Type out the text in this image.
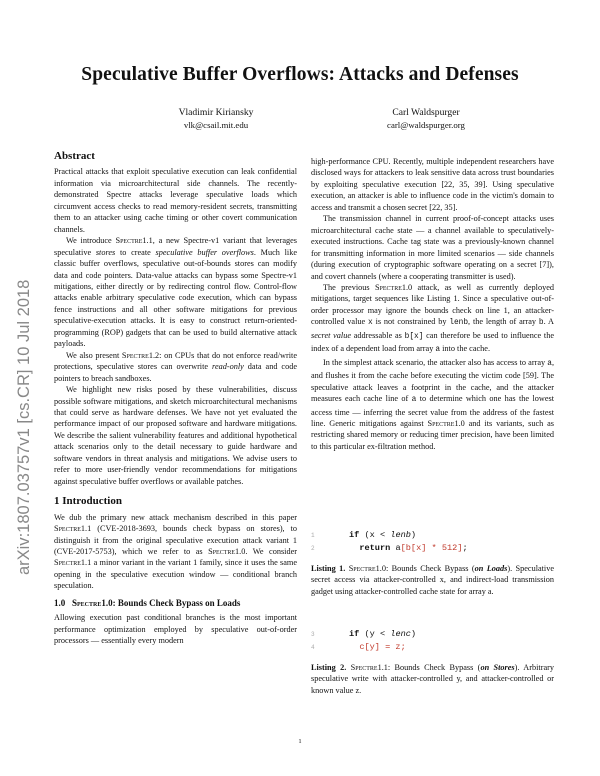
Speculative Buffer Overflows: Attacks and Defenses
Vladimir Kiriansky
vlk@csail.mit.edu
Carl Waldspurger
carl@waldspurger.org
arXiv:1807.03757v1 [cs.CR] 10 Jul 2018
Abstract

Practical attacks that exploit speculative execution can leak confidential information via microarchitectural side channels. The recently-demonstrated Spectre attacks leverage speculative loads which circumvent access checks to read memory-resident secrets, transmitting them to an attacker using cache timing or other covert communication channels.

We introduce Spectre1.1, a new Spectre-v1 variant that leverages speculative stores to create speculative buffer overflows. Much like classic buffer overflows, speculative out-of-bounds stores can modify data and code pointers. Data-value attacks can bypass some Spectre-v1 mitigations, either directly or by redirecting control flow. Control-flow attacks enable arbitrary speculative code execution, which can bypass fence instructions and all other software mitigations for previous speculative-execution attacks. It is easy to construct return-oriented-programming (ROP) gadgets that can be used to build alternative attack payloads.

We also present Spectre1.2: on CPUs that do not enforce read/write protections, speculative stores can overwrite read-only data and code pointers to breach sandboxes.

We highlight new risks posed by these vulnerabilities, discuss possible software mitigations, and sketch microarchitectural mechanisms that could serve as hardware defenses. We have not yet evaluated the performance impact of our proposed software and hardware mitigations. We describe the salient vulnerability features and additional hypothetical attack scenarios only to the detail necessary to guide hardware and software vendors in threat analysis and mitigations. We advise users to refer to more user-friendly vendor recommendations for mitigations against speculative buffer overflows or available patches.

1 Introduction

We dub the primary new attack mechanism described in this paper Spectre1.1 (CVE-2018-3693, bounds check bypass on stores), to distinguish it from the original speculative execution attack variant 1 (CVE-2017-5753), which we refer to as Spectre1.0. We consider Spectre1.1 a minor variant in the variant 1 family, since it uses the same opening in the speculative execution window — conditional branch speculation.

1.0 Spectre1.0: Bounds Check Bypass on Loads

Allowing execution past conditional branches is the most important performance optimization employed by speculative out-of-order processors — essentially every modern

high-performance CPU. Recently, multiple independent researchers have disclosed ways for attackers to leak sensitive data across trust boundaries by exploiting speculative execution [22, 35, 39]. Using speculative execution, an attacker is able to influence code in the victim's domain to access and transmit a chosen secret [22, 35].

The transmission channel in current proof-of-concept attacks uses microarchitectural cache state — a channel available to speculatively-executed instructions. Cache tag state was a previously-known channel for transmitting information in more limited scenarios — side channels (during execution of cryptographic software operating on a secret [7]), and covert channels (where a cooperating transmitter is used).

The previous Spectre1.0 attack, as well as currently deployed mitigations, target sequences like Listing 1. Since a speculative out-of-order processor may ignore the bounds check on line 1, an attacker-controlled value x is not constrained by lenb, the length of array b. A secret value addressable as b[x] can therefore be used to influence the index of a dependent load from array a into the cache.

In the simplest attack scenario, the attacker also has access to array a, and flushes it from the cache before executing the victim code [59]. The speculative attack leaves a footprint in the cache, and the attacker measures each cache line of a to determine which one has the lowest access time — inferring the secret value from the address of the fastest line. Generic mitigations against Spectre1.0 and its variants, such as restricting shared memory or reducing timer precision, have been limited to this particular ex-filtration method.

1	if (x < lenb)
2	return a[b[x] * 512];
Listing 1. Spectre1.0: Bounds Check Bypass (on Loads). Speculative secret access via attacker-controlled x, and indirect-load transmission gadget using attacker-controlled cache state for array a.
3	if (y < lenc)
4	c[y] = z;
Listing 2. Spectre1.1: Bounds Check Bypass (on Stores). Arbitrary speculative write with attacker-controlled y, and attacker-controlled or known value z.
1
